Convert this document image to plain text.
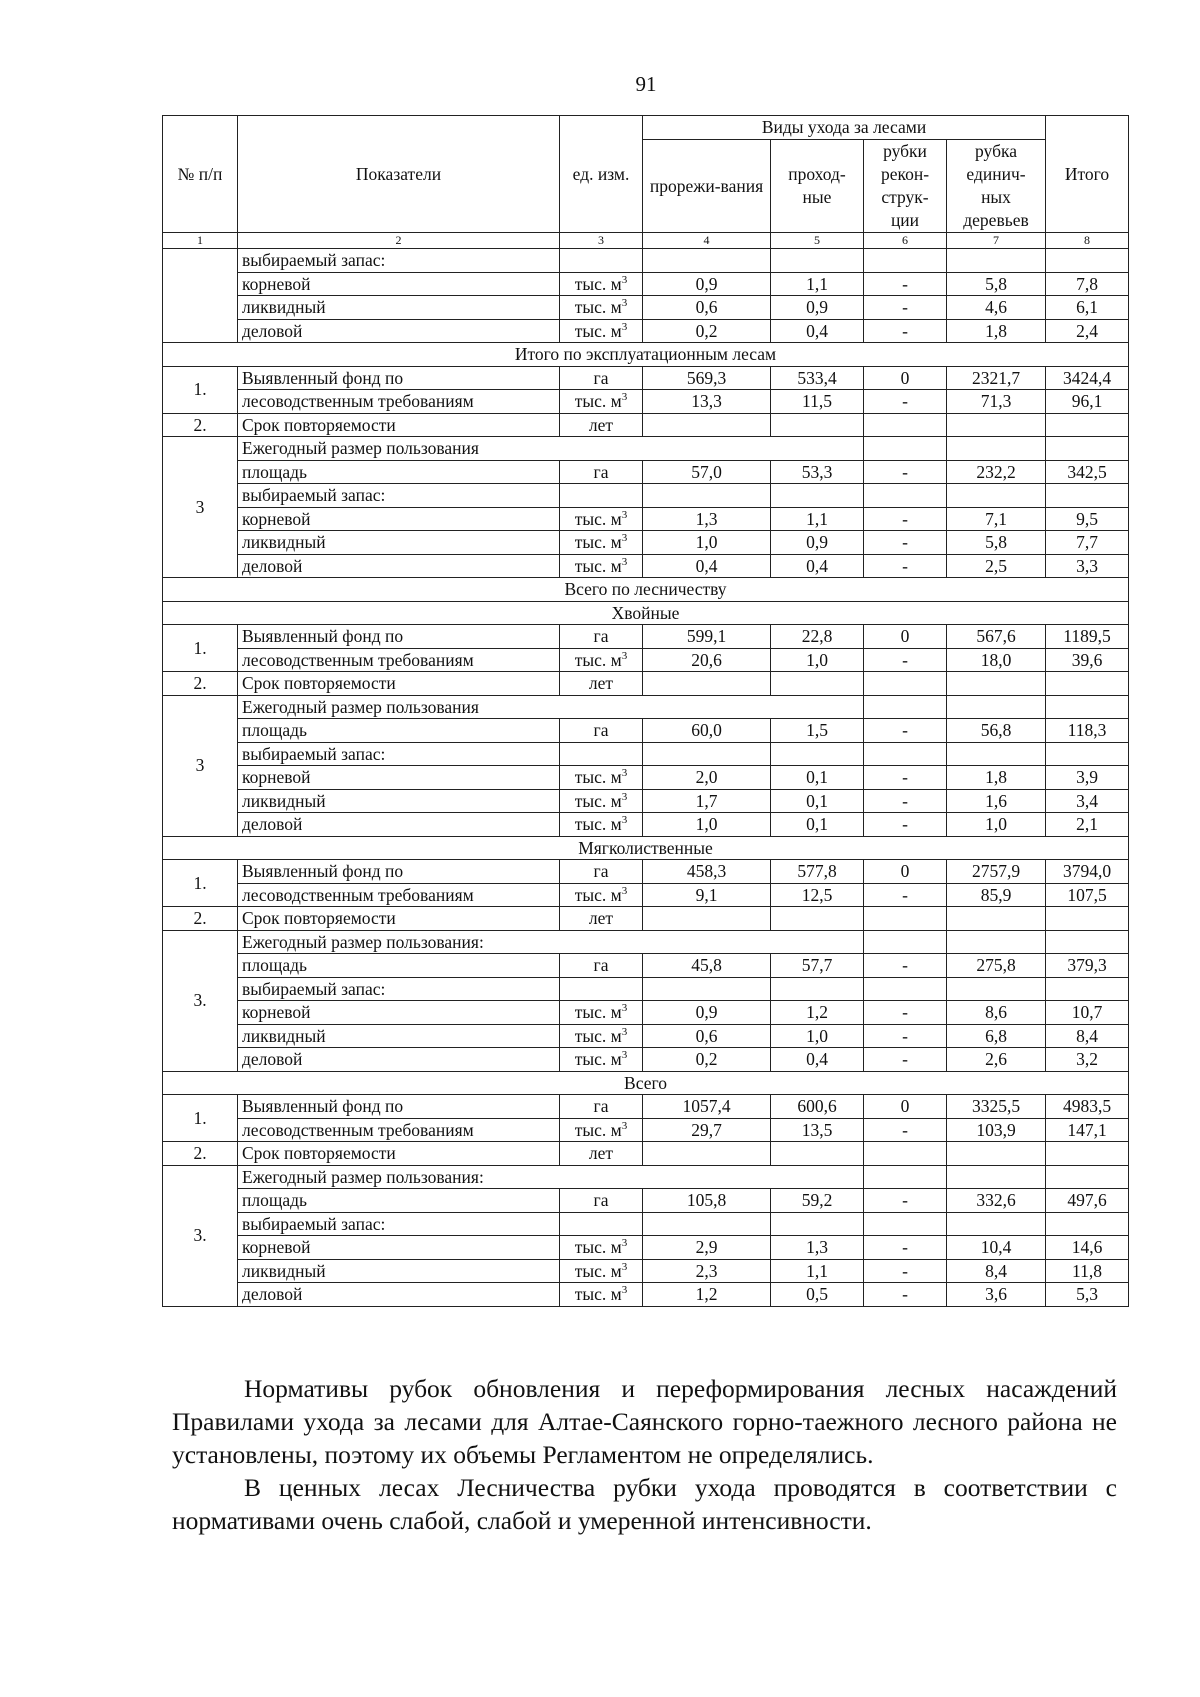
91
№ п/п	Показатели	ед. изм.	Виды ухода за лесами				Итого
			прорежи-вания	проход-ные	рубки рекон-струк-ции	рубка единич-ных деревьев	
1	2	3	4	5	6	7	8
	выбираемый запас:						
	корневой	тыс. $м^3$	0,9	1,1	-	5,8	7,8
	ликвидный	тыс. $м^3$	0,6	0,9	-	4,6	6,1
	деловой	тыс. $м^3$	0,2	0,4	-	1,8	2,4
Итого по эксплуатационным лесам							
1.	Выявленный фонд по	га	569,3	533,4	0	2321,7	3424,4
	лесоводственным требованиям	тыс. $м^3$	13,3	11,5	-	71,3	96,1
2.	Срок повторяемости	лет					
3	Ежегодный размер пользования						
	площадь	га	57,0	53,3	-	232,2	342,5
	выбираемый запас:						
	корневой	тыс. $м^3$	1,3	1,1	-	7,1	9,5
	ликвидный	тыс. $м^3$	1,0	0,9	-	5,8	7,7
	деловой	тыс. $м^3$	0,4	0,4	-	2,5	3,3
Всего по лесничеству							
Хвойные							
1.	Выявленный фонд по	га	599,1	22,8	0	567,6	1189,5
	лесоводственным требованиям	тыс. $м^3$	20,6	1,0	-	18,0	39,6
2.	Срок повторяемости	лет					
3	Ежегодный размер пользования						
	площадь	га	60,0	1,5	-	56,8	118,3
	выбираемый запас:						
	корневой	тыс. $м^3$	2,0	0,1	-	1,8	3,9
	ликвидный	тыс. $м^3$	1,7	0,1	-	1,6	3,4
	деловой	тыс. $м^3$	1,0	0,1	-	1,0	2,1
Мягколиственные							
1.	Выявленный фонд по	га	458,3	577,8	0	2757,9	3794,0
	лесоводственным требованиям	тыс. $м^3$	9,1	12,5	-	85,9	107,5
2.	Срок повторяемости	лет					
3.	Ежегодный размер пользования:						
	площадь	га	45,8	57,7	-	275,8	379,3
	выбираемый запас:						
	корневой	тыс. $м^3$	0,9	1,2	-	8,6	10,7
	ликвидный	тыс. $м^3$	0,6	1,0	-	6,8	8,4
	деловой	тыс. $м^3$	0,2	0,4	-	2,6	3,2
Всего							
1.	Выявленный фонд по	га	1057,4	600,6	0	3325,5	4983,5
	лесоводственным требованиям	тыс. $м^3$	29,7	13,5	-	103,9	147,1
2.	Срок повторяемости	лет					
3.	Ежегодный размер пользования:						
	площадь	га	105,8	59,2	-	332,6	497,6
	выбираемый запас:						
	корневой	тыс. $м^3$	2,9	1,3	-	10,4	14,6
	ликвидный	тыс. $м^3$	2,3	1,1	-	8,4	11,8
	деловой	тыс. $м^3$	1,2	0,5	-	3,6	5,3
Нормативы рубок обновления и переформирования лесных насаждений Правилами ухода за лесами для Алтае-Саянского горно-таежного лесного района не установлены, поэтому их объемы Регламентом не определялись.
В ценных лесах Лесничества рубки ухода проводятся в соответствии с нормативами очень слабой, слабой и умеренной интенсивности.
